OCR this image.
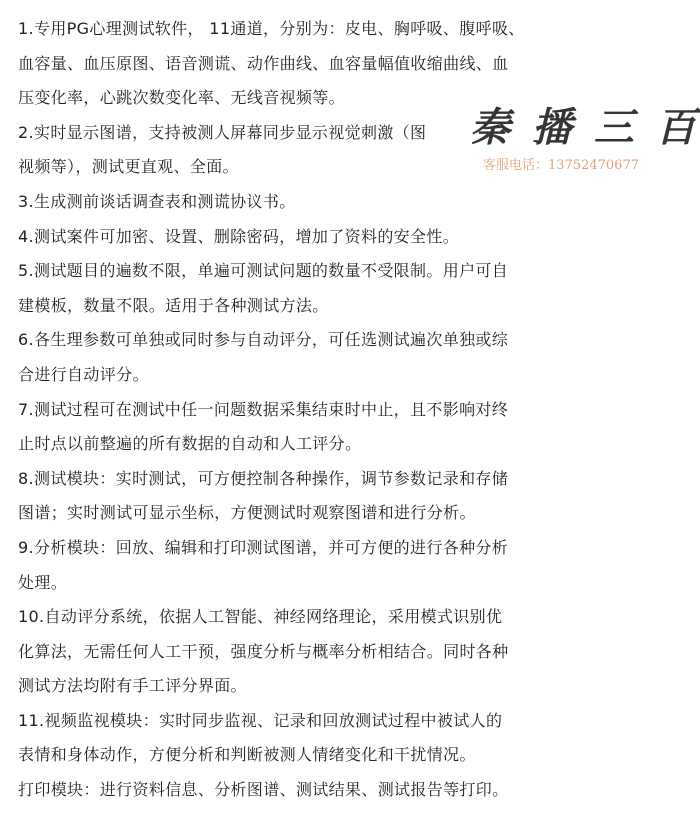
1.专用PG心理测试软件， 11通道，分别为：皮电、胸呼吸、腹呼吸、
血容量、血压原图、语音测谎、动作曲线、血容量幅值收缩曲线、血
压变化率，心跳次数变化率、无线音视频等。
2.实时显示图谱，支持被测人屏幕同步显示视觉刺激（图
视频等），测试更直观、全面。
3.生成测前谈话调查表和测谎协议书。
4.测试案件可加密、设置、删除密码，增加了资料的安全性。
5.测试题目的遍数不限，单遍可测试问题的数量不受限制。用户可自
建模板，数量不限。适用于各种测试方法。
6.各生理参数可单独或同时参与自动评分，可任选测试遍次单独或综
合进行自动评分。
7.测试过程可在测试中任一问题数据采集结束时中止，且不影响对终
止时点以前整遍的所有数据的自动和人工评分。
8.测试模块：实时测试，可方便控制各种操作，调节参数记录和存储
图谱；实时测试可显示坐标，方便测试时观察图谱和进行分析。
9.分析模块：回放、编辑和打印测试图谱，并可方便的进行各种分析
处理。
10.自动评分系统，依据人工智能、神经网络理论，采用模式识别优
化算法，无需任何人工干预，强度分析与概率分析相结合。同时各种
测试方法均附有手工评分界面。
11.视频监视模块：实时同步监视、记录和回放测试过程中被试人的
表情和身体动作，方便分析和判断被测人情绪变化和干扰情况。
打印模块：进行资料信息、分析图谱、测试结果、测试报告等打印。
秦 播 三 百
客服电话：13752470677
